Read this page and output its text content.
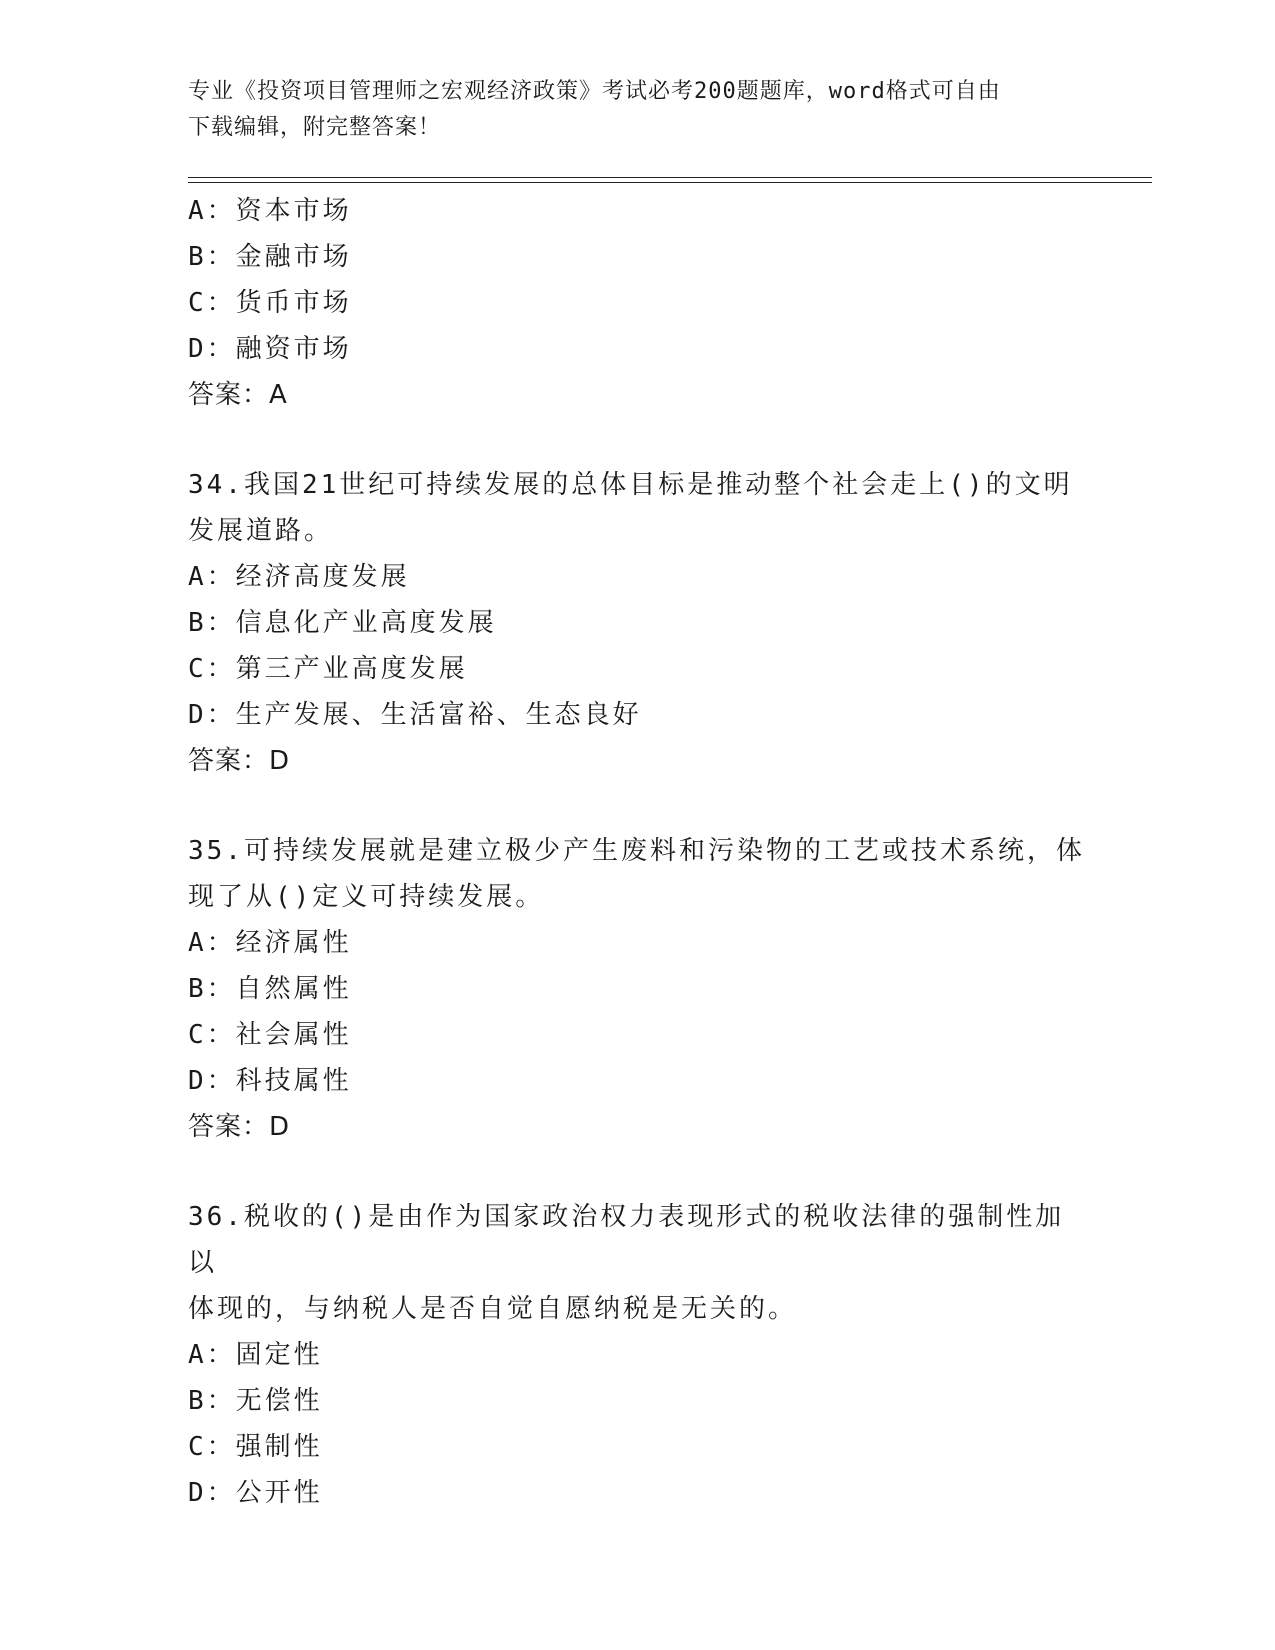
专业《投资项目管理师之宏观经济政策》考试必考200题题库，word格式可自由
下载编辑，附完整答案！
A：资本市场
B：金融市场
C：货币市场
D：融资市场
答案：A
34.我国21世纪可持续发展的总体目标是推动整个社会走上()的文明
发展道路。
A：经济高度发展
B：信息化产业高度发展
C：第三产业高度发展
D：生产发展、生活富裕、生态良好
答案：D
35.可持续发展就是建立极少产生废料和污染物的工艺或技术系统，体
现了从()定义可持续发展。
A：经济属性
B：自然属性
C：社会属性
D：科技属性
答案：D
36.税收的()是由作为国家政治权力表现形式的税收法律的强制性加以
体现的，与纳税人是否自觉自愿纳税是无关的。
A：固定性
B：无偿性
C：强制性
D：公开性
